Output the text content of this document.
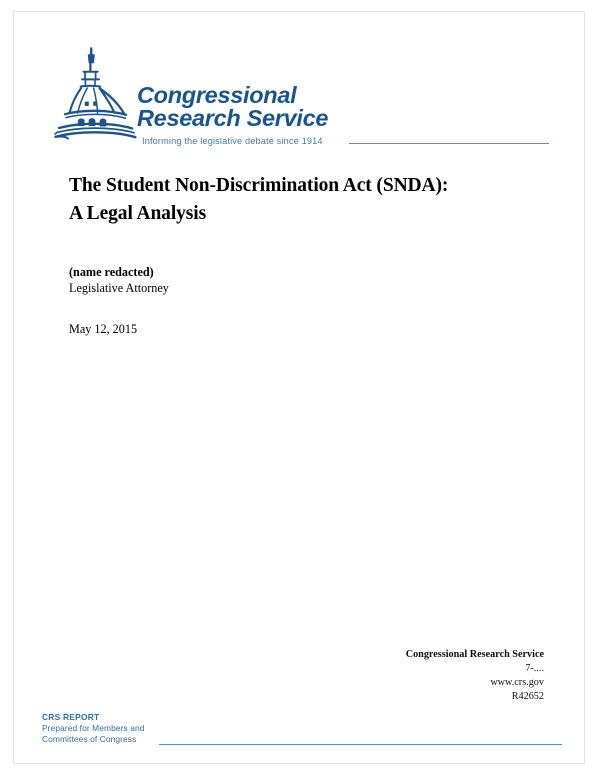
Congressional
Research Service
Informing the legislative debate since 1914
The Student Non-Discrimination Act (SNDA):
A Legal Analysis
(name redacted)
Legislative Attorney
May 12, 2015
Congressional Research Service
7-....
www.crs.gov
R42652
CRS REPORT
Prepared for Members and
Committees of Congress
